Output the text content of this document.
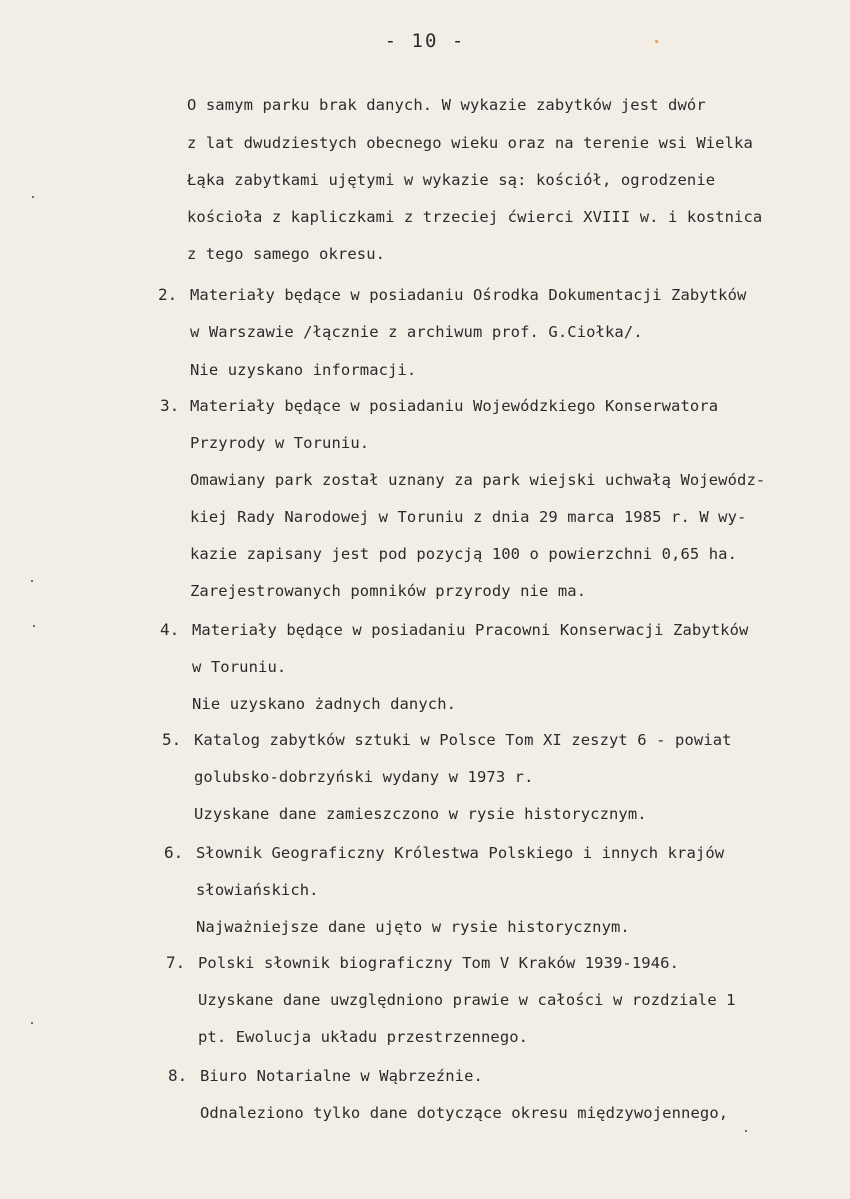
- 10 -
O samym parku brak danych. W wykazie zabytków jest dwór
z lat dwudziestych obecnego wieku oraz na terenie wsi Wielka
Łąka zabytkami ujętymi w wykazie są: kościół, ogrodzenie
kościoła z kapliczkami z trzeciej ćwierci XVIII w. i kostnica
z tego samego okresu.
2. Materiały będące w posiadaniu Ośrodka Dokumentacji Zabytków
w Warszawie /łącznie z archiwum prof. G.Ciołka/.
Nie uzyskano informacji.
3. Materiały będące w posiadaniu Wojewódzkiego Konserwatora
Przyrody w Toruniu.
Omawiany park został uznany za park wiejski uchwałą Wojewódz-
kiej Rady Narodowej w Toruniu z dnia 29 marca 1985 r. W wy-
kazie zapisany jest pod pozycją 100 o powierzchni 0,65 ha.
Zarejestrowanych pomników przyrody nie ma.
4. Materiały będące w posiadaniu Pracowni Konserwacji Zabytków
w Toruniu.
Nie uzyskano żadnych danych.
5. Katalog zabytków sztuki w Polsce Tom XI zeszyt 6 - powiat
golubsko-dobrzyński wydany w 1973 r.
Uzyskane dane zamieszczono w rysie historycznym.
6. Słownik Geograficzny Królestwa Polskiego i innych krajów
słowiańskich.
Najważniejsze dane ujęto w rysie historycznym.
7. Polski słownik biograficzny Tom V Kraków 1939-1946.
Uzyskane dane uwzględniono prawie w całości w rozdziale 1
pt. Ewolucja układu przestrzennego.
8. Biuro Notarialne w Wąbrzeźnie.
Odnaleziono tylko dane dotyczące okresu międzywojennego,
